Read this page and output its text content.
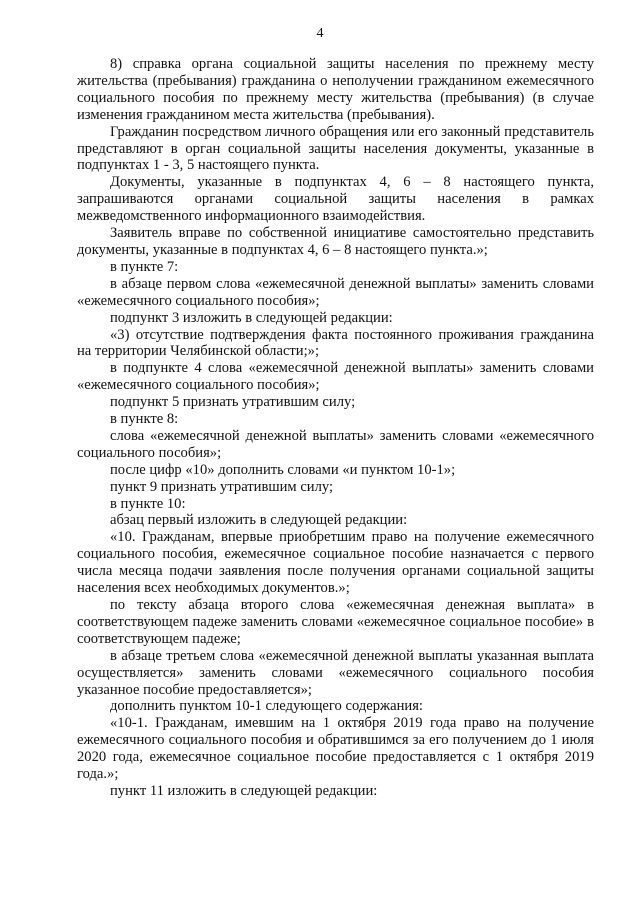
4

8) справка органа социальной защиты населения по прежнему месту жительства (пребывания) гражданина о неполучении гражданином ежемесячного социального пособия по прежнему месту жительства (пребывания) (в случае изменения гражданином места жительства (пребывания).

Гражданин посредством личного обращения или его законный представитель представляют в орган социальной защиты населения документы, указанные в подпунктах 1 - 3, 5 настоящего пункта.

Документы, указанные в подпунктах 4, 6 – 8 настоящего пункта, запрашиваются органами социальной защиты населения в рамках межведомственного информационного взаимодействия.

Заявитель вправе по собственной инициативе самостоятельно представить документы, указанные в подпунктах 4, 6 – 8 настоящего пункта.»;

в пункте 7:

в абзаце первом слова «ежемесячной денежной выплаты» заменить словами «ежемесячного социального пособия»;

подпункт 3 изложить в следующей редакции:

«3) отсутствие подтверждения факта постоянного проживания гражданина на территории Челябинской области;»;

в подпункте 4 слова «ежемесячной денежной выплаты» заменить словами «ежемесячного социального пособия»;

подпункт 5 признать утратившим силу;

в пункте 8:

слова «ежемесячной денежной выплаты» заменить словами «ежемесячного социального пособия»;

после цифр «10» дополнить словами «и пунктом 10-1»;

пункт 9 признать утратившим силу;

в пункте 10:

абзац первый изложить в следующей редакции:

«10. Гражданам, впервые приобретшим право на получение ежемесячного социального пособия, ежемесячное социальное пособие назначается с первого числа месяца подачи заявления после получения органами социальной защиты населения всех необходимых документов.»;

по тексту абзаца второго слова «ежемесячная денежная выплата» в соответствующем падеже заменить словами «ежемесячное социальное пособие» в соответствующем падеже;

в абзаце третьем слова «ежемесячной денежной выплаты указанная выплата осуществляется» заменить словами «ежемесячного социального пособия указанное пособие предоставляется»;

дополнить пунктом 10-1 следующего содержания:

«10-1. Гражданам, имевшим на 1 октября 2019 года право на получение ежемесячного социального пособия и обратившимся за его получением до 1 июля 2020 года, ежемесячное социальное пособие предоставляется с 1 октября 2019 года.»;

пункт 11 изложить в следующей редакции:
